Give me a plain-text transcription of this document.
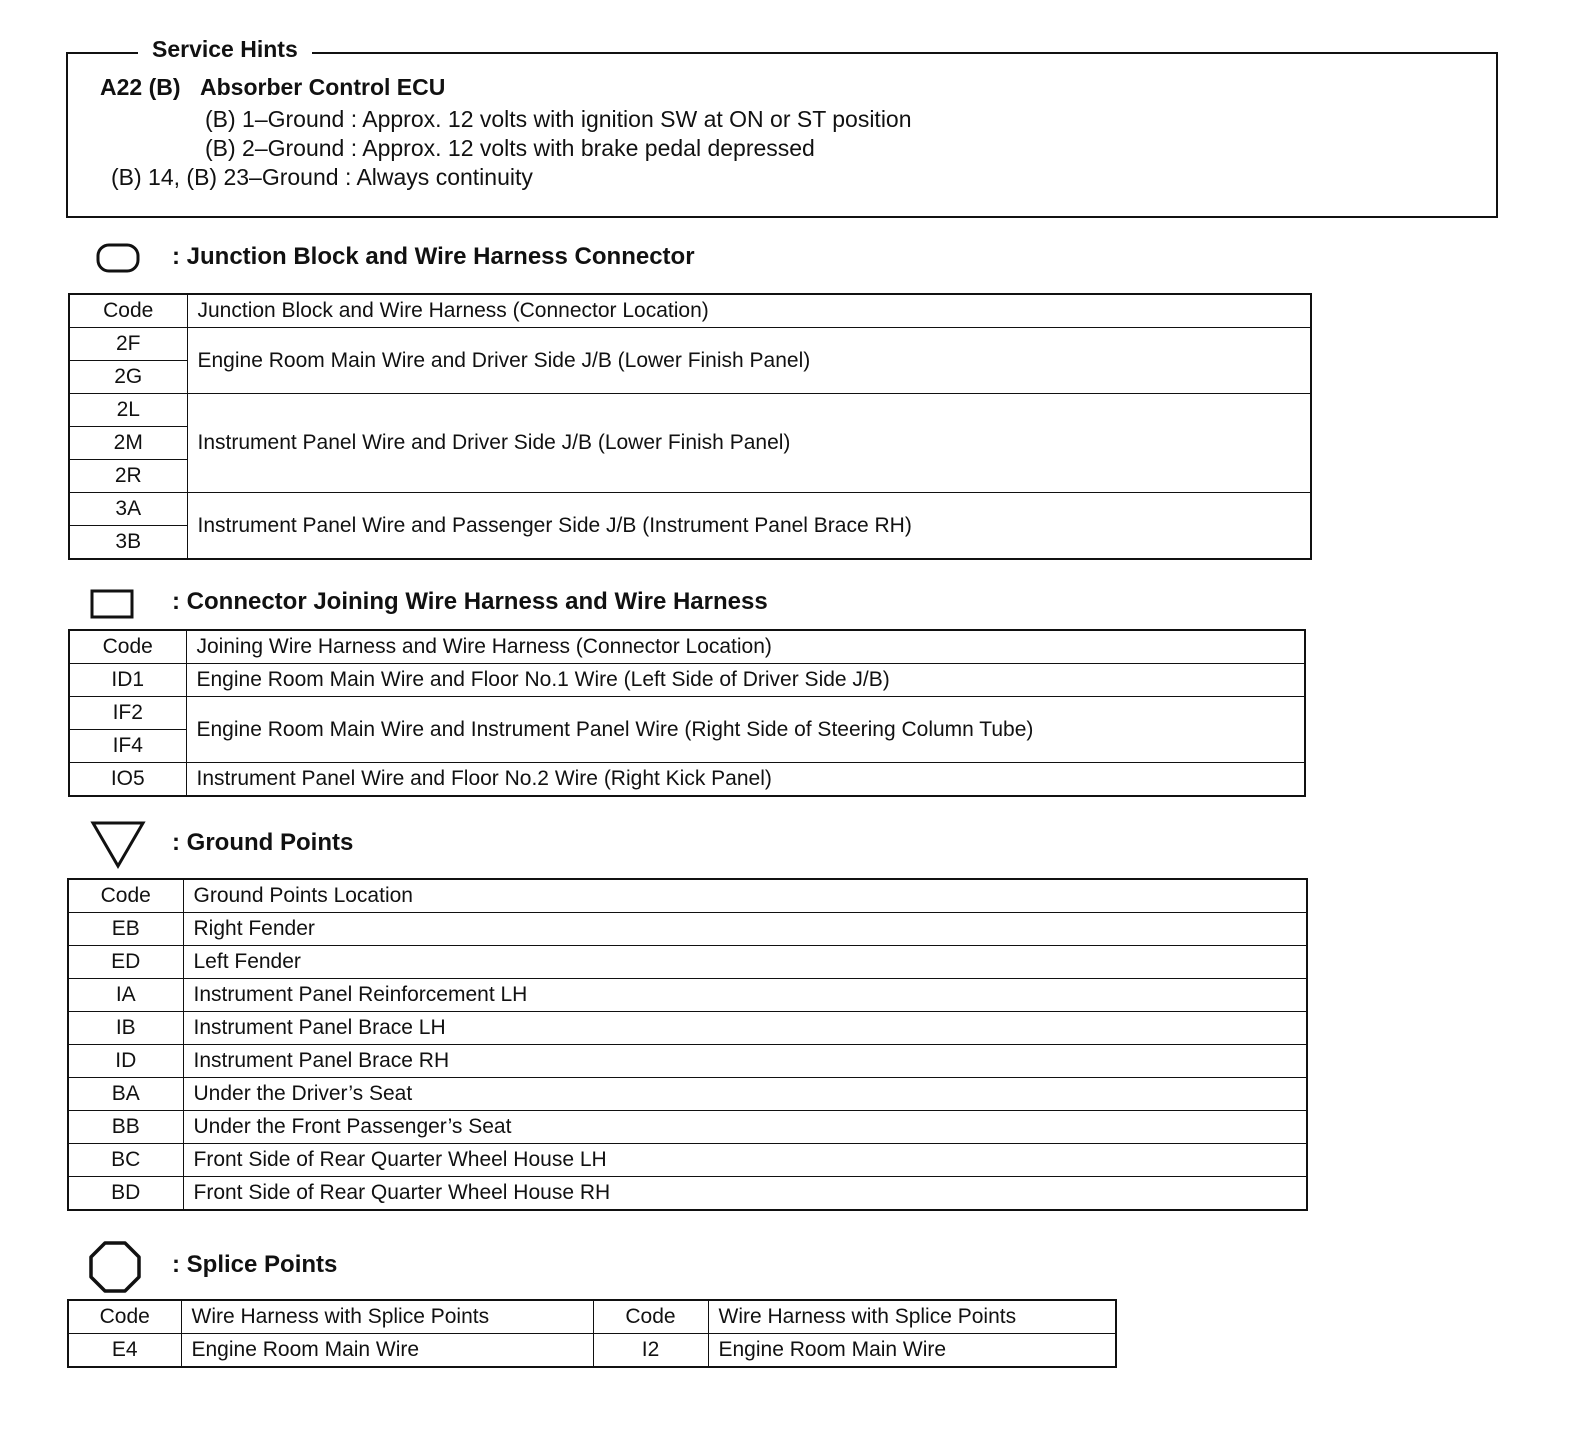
Service Hints
A22 (B) Absorber Control ECU
(B) 1–Ground : Approx. 12 volts with ignition SW at ON or ST position
(B) 2–Ground : Approx. 12 volts with brake pedal depressed
(B) 14, (B) 23–Ground : Always continuity
: Junction Block and Wire Harness Connector
Code	Junction Block and Wire Harness (Connector Location)
2F	Engine Room Main Wire and Driver Side J/B (Lower Finish Panel)
2G	
2L	Instrument Panel Wire and Driver Side J/B (Lower Finish Panel)
2M	
2R	
3A	Instrument Panel Wire and Passenger Side J/B (Instrument Panel Brace RH)
3B	
: Connector Joining Wire Harness and Wire Harness
Code	Joining Wire Harness and Wire Harness (Connector Location)
ID1	Engine Room Main Wire and Floor No.1 Wire (Left Side of Driver Side J/B)
IF2	Engine Room Main Wire and Instrument Panel Wire (Right Side of Steering Column Tube)
IF4	
IO5	Instrument Panel Wire and Floor No.2 Wire (Right Kick Panel)
: Ground Points
Code	Ground Points Location
EB	Right Fender
ED	Left Fender
IA	Instrument Panel Reinforcement LH
IB	Instrument Panel Brace LH
ID	Instrument Panel Brace RH
BA	Under the Driver’s Seat
BB	Under the Front Passenger’s Seat
BC	Front Side of Rear Quarter Wheel House LH
BD	Front Side of Rear Quarter Wheel House RH
: Splice Points
Code	Wire Harness with Splice Points	Code	Wire Harness with Splice Points
E4	Engine Room Main Wire	I2	Engine Room Main Wire
